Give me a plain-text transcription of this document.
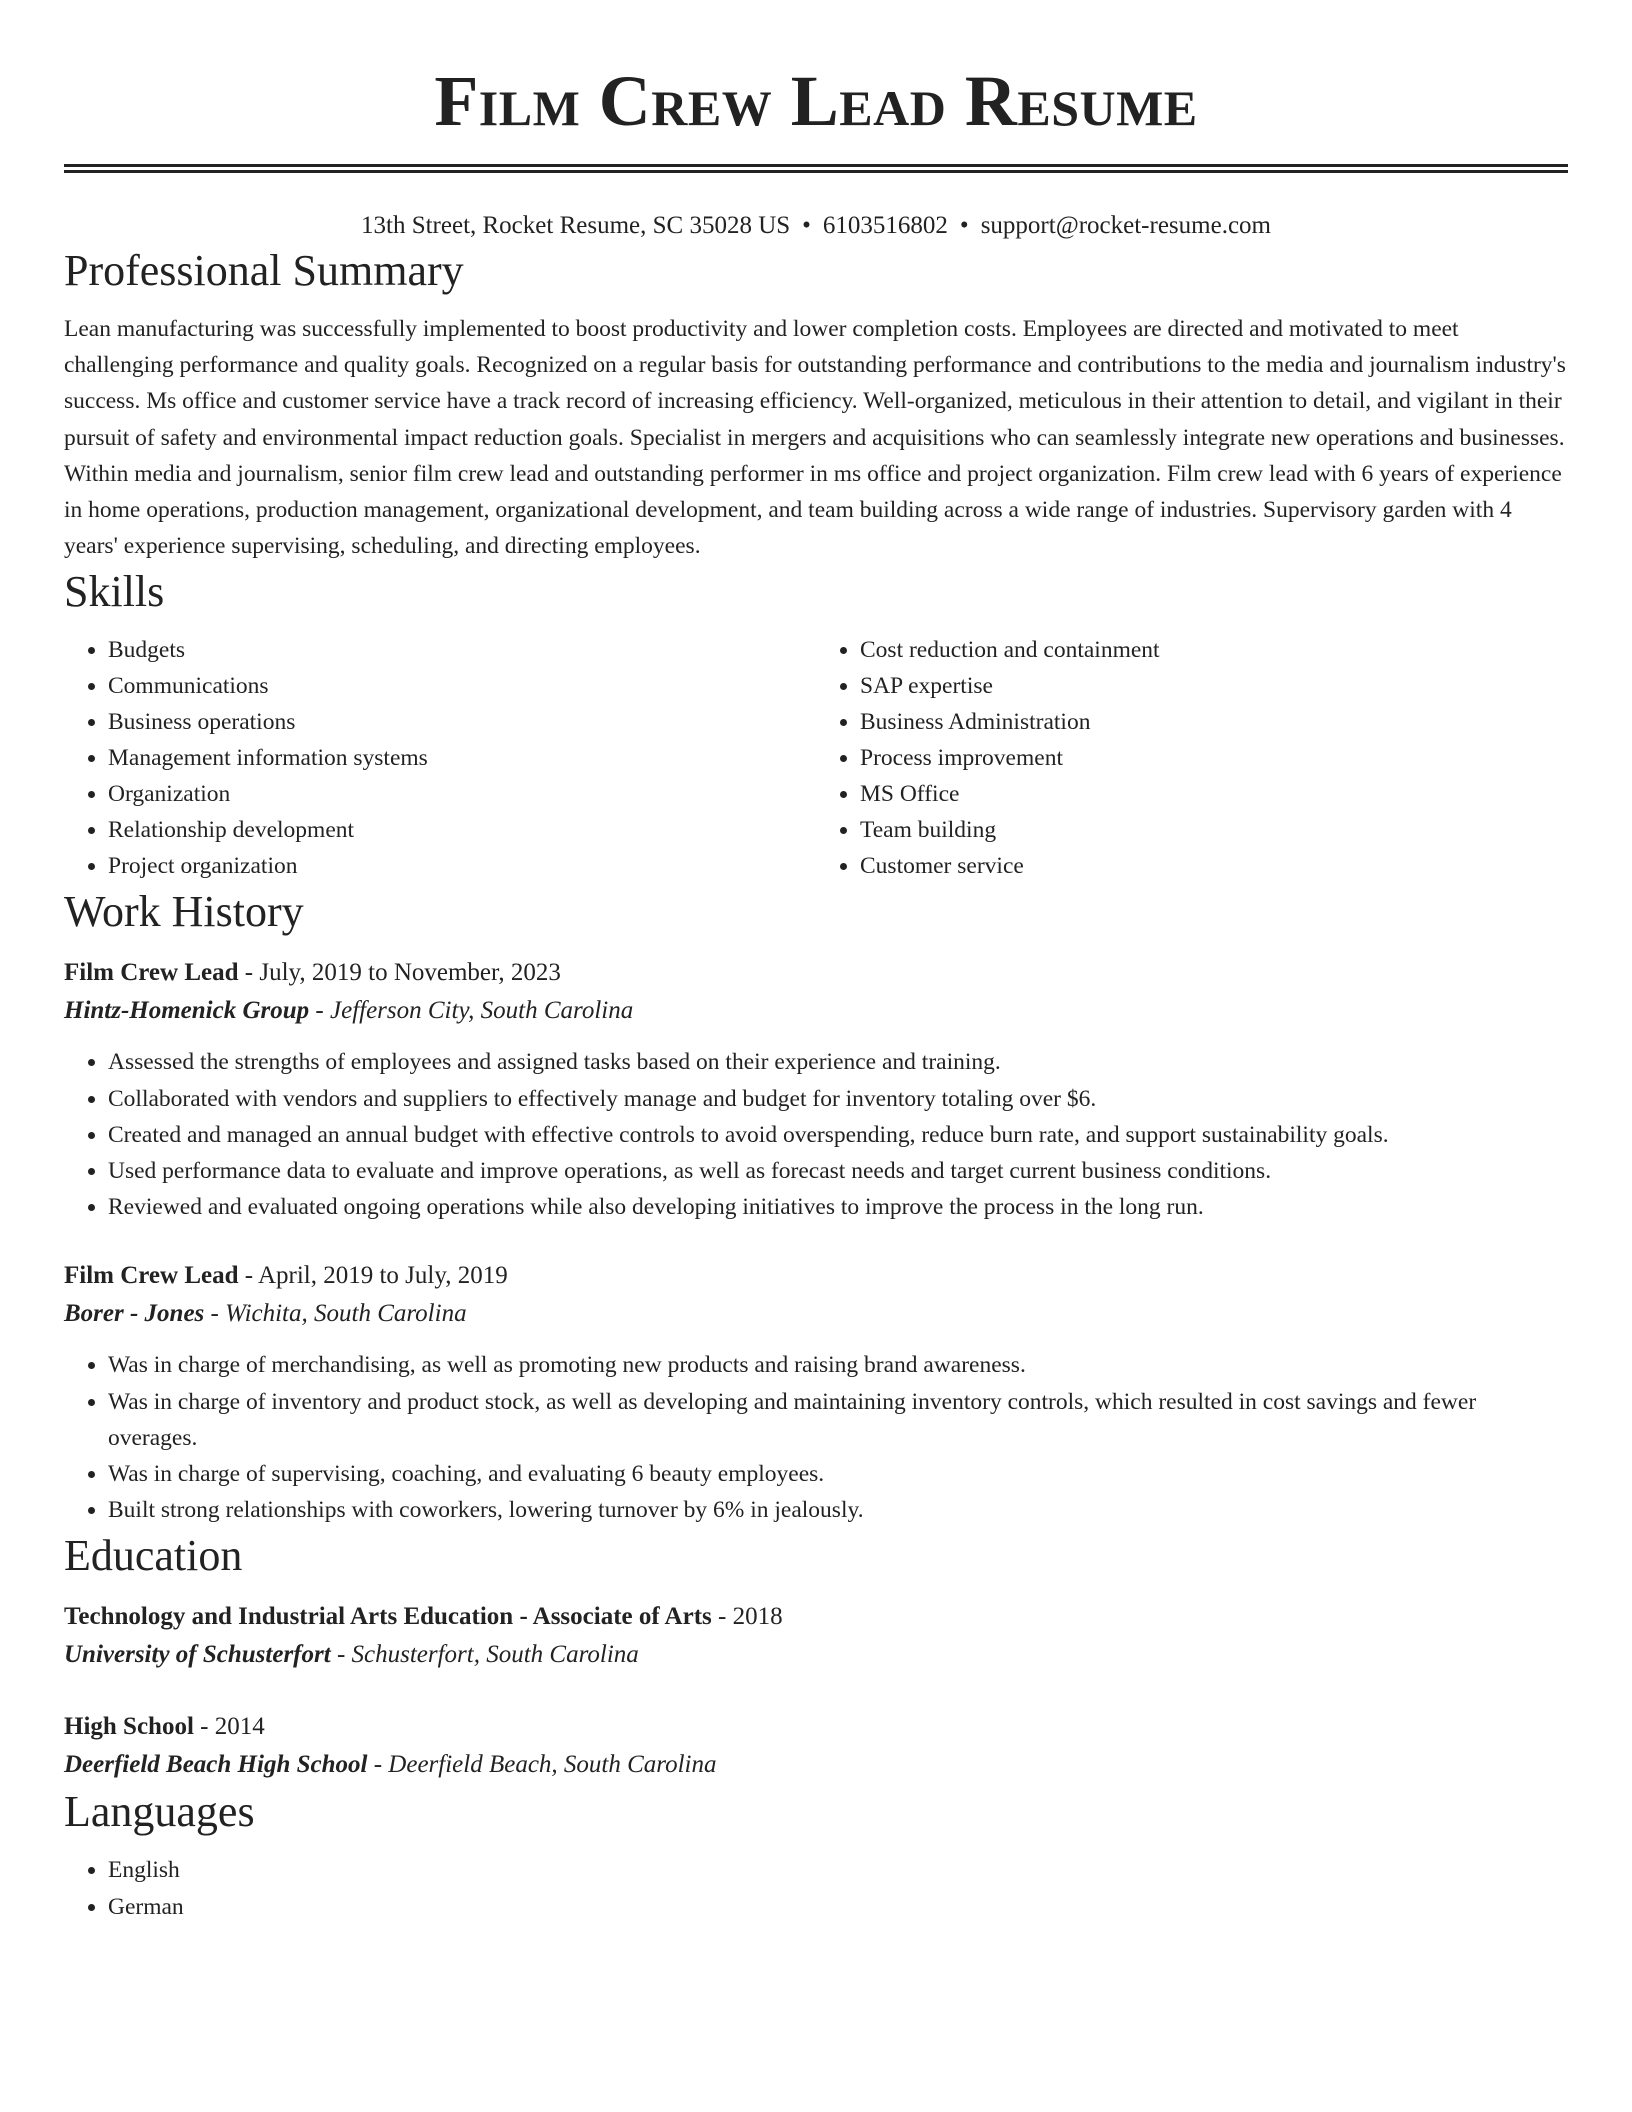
Film Crew Lead Resume
13th Street, Rocket Resume, SC 35028 US • 6103516802 • support@rocket-resume.com
Professional Summary

Lean manufacturing was successfully implemented to boost productivity and lower completion costs. Employees are directed and motivated to meet challenging performance and quality goals. Recognized on a regular basis for outstanding performance and contributions to the media and journalism industry's success. Ms office and customer service have a track record of increasing efficiency. Well-organized, meticulous in their attention to detail, and vigilant in their pursuit of safety and environmental impact reduction goals. Specialist in mergers and acquisitions who can seamlessly integrate new operations and businesses. Within media and journalism, senior film crew lead and outstanding performer in ms office and project organization. Film crew lead with 6 years of experience in home operations, production management, organizational development, and team building across a wide range of industries. Supervisory garden with 4 years' experience supervising, scheduling, and directing employees.

Skills
• Budgets
• Communications
• Business operations
• Management information systems
• Organization
• Relationship development
• Project organization
• Cost reduction and containment
• SAP expertise
• Business Administration
• Process improvement
• MS Office
• Team building
• Customer service
Work History
Film Crew Lead - July, 2019 to November, 2023
Hintz-Homenick Group - Jefferson City, South Carolina
• Assessed the strengths of employees and assigned tasks based on their experience and training.
• Collaborated with vendors and suppliers to effectively manage and budget for inventory totaling over $6.
• Created and managed an annual budget with effective controls to avoid overspending, reduce burn rate, and support sustainability goals.
• Used performance data to evaluate and improve operations, as well as forecast needs and target current business conditions.
• Reviewed and evaluated ongoing operations while also developing initiatives to improve the process in the long run.
Film Crew Lead - April, 2019 to July, 2019
Borer - Jones - Wichita, South Carolina
• Was in charge of merchandising, as well as promoting new products and raising brand awareness.
• Was in charge of inventory and product stock, as well as developing and maintaining inventory controls, which resulted in cost savings and fewer overages.
• Was in charge of supervising, coaching, and evaluating 6 beauty employees.
• Built strong relationships with coworkers, lowering turnover by 6% in jealously.
Education
Technology and Industrial Arts Education - Associate of Arts - 2018
University of Schusterfort - Schusterfort, South Carolina
High School - 2014
Deerfield Beach High School - Deerfield Beach, South Carolina
Languages
• English
• German
